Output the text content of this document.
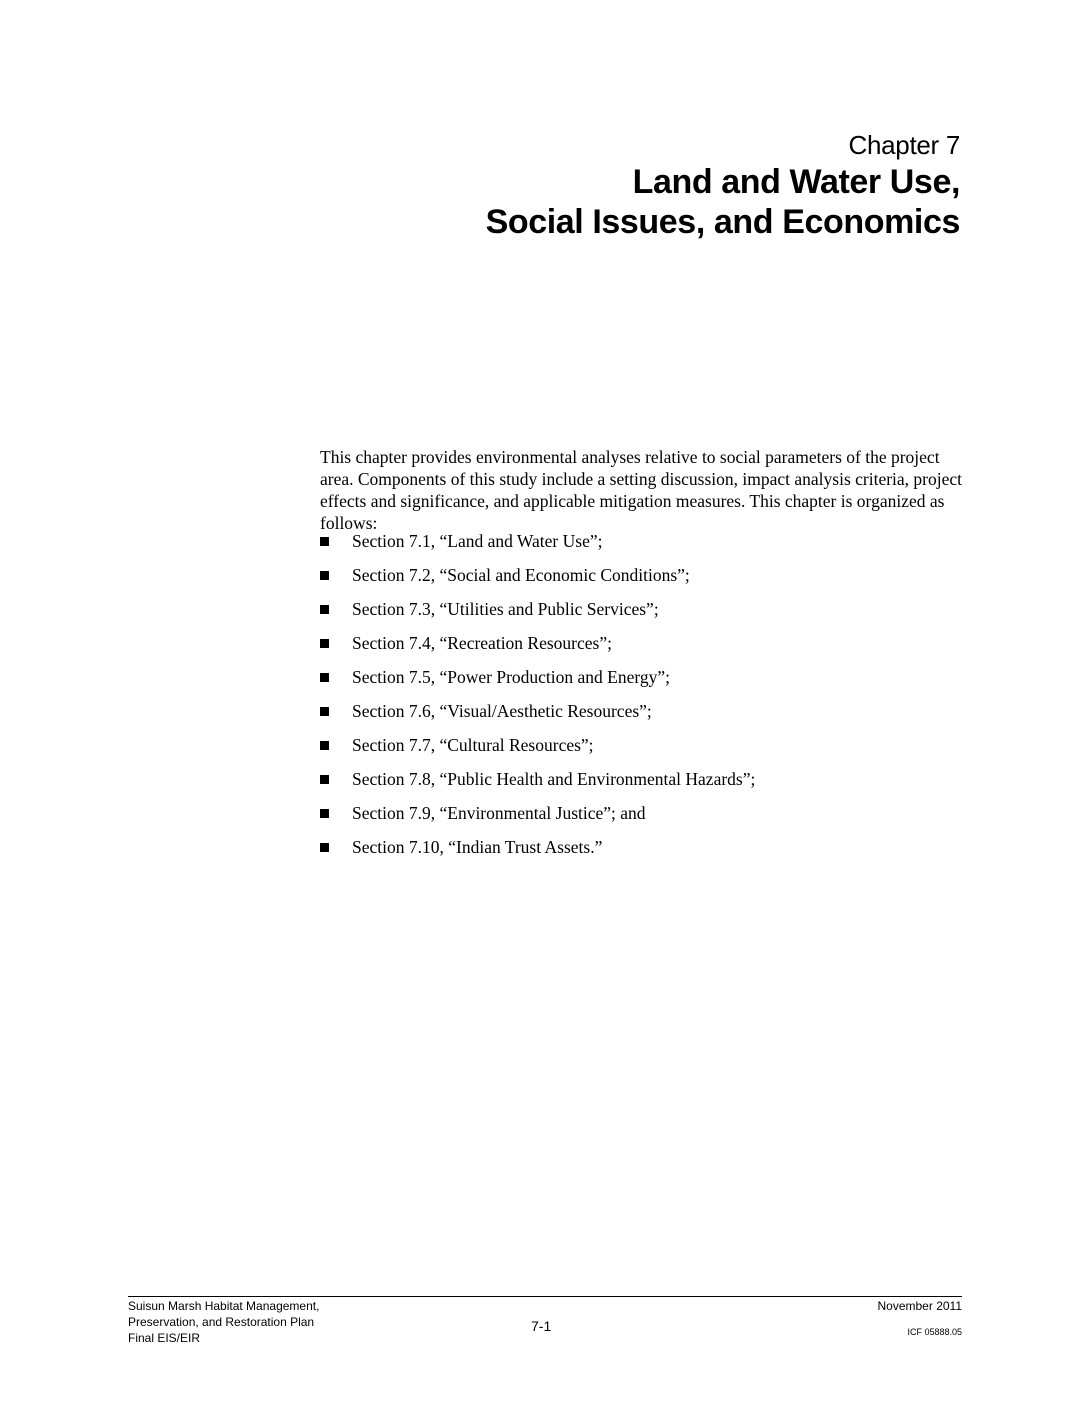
Chapter 7
Land and Water Use,
Social Issues, and Economics

This chapter provides environmental analyses relative to social parameters of the project area. Components of this study include a setting discussion, impact analysis criteria, project effects and significance, and applicable mitigation measures. This chapter is organized as follows:

Section 7.1, “Land and Water Use”;
Section 7.2, “Social and Economic Conditions”;
Section 7.3, “Utilities and Public Services”;
Section 7.4, “Recreation Resources”;
Section 7.5, “Power Production and Energy”;
Section 7.6, “Visual/Aesthetic Resources”;
Section 7.7, “Cultural Resources”;
Section 7.8, “Public Health and Environmental Hazards”;
Section 7.9, “Environmental Justice”; and
Section 7.10, “Indian Trust Assets.”
Suisun Marsh Habitat Management,
Preservation, and Restoration Plan
Final EIS/EIR
7-1
November 2011
ICF 05888.05
